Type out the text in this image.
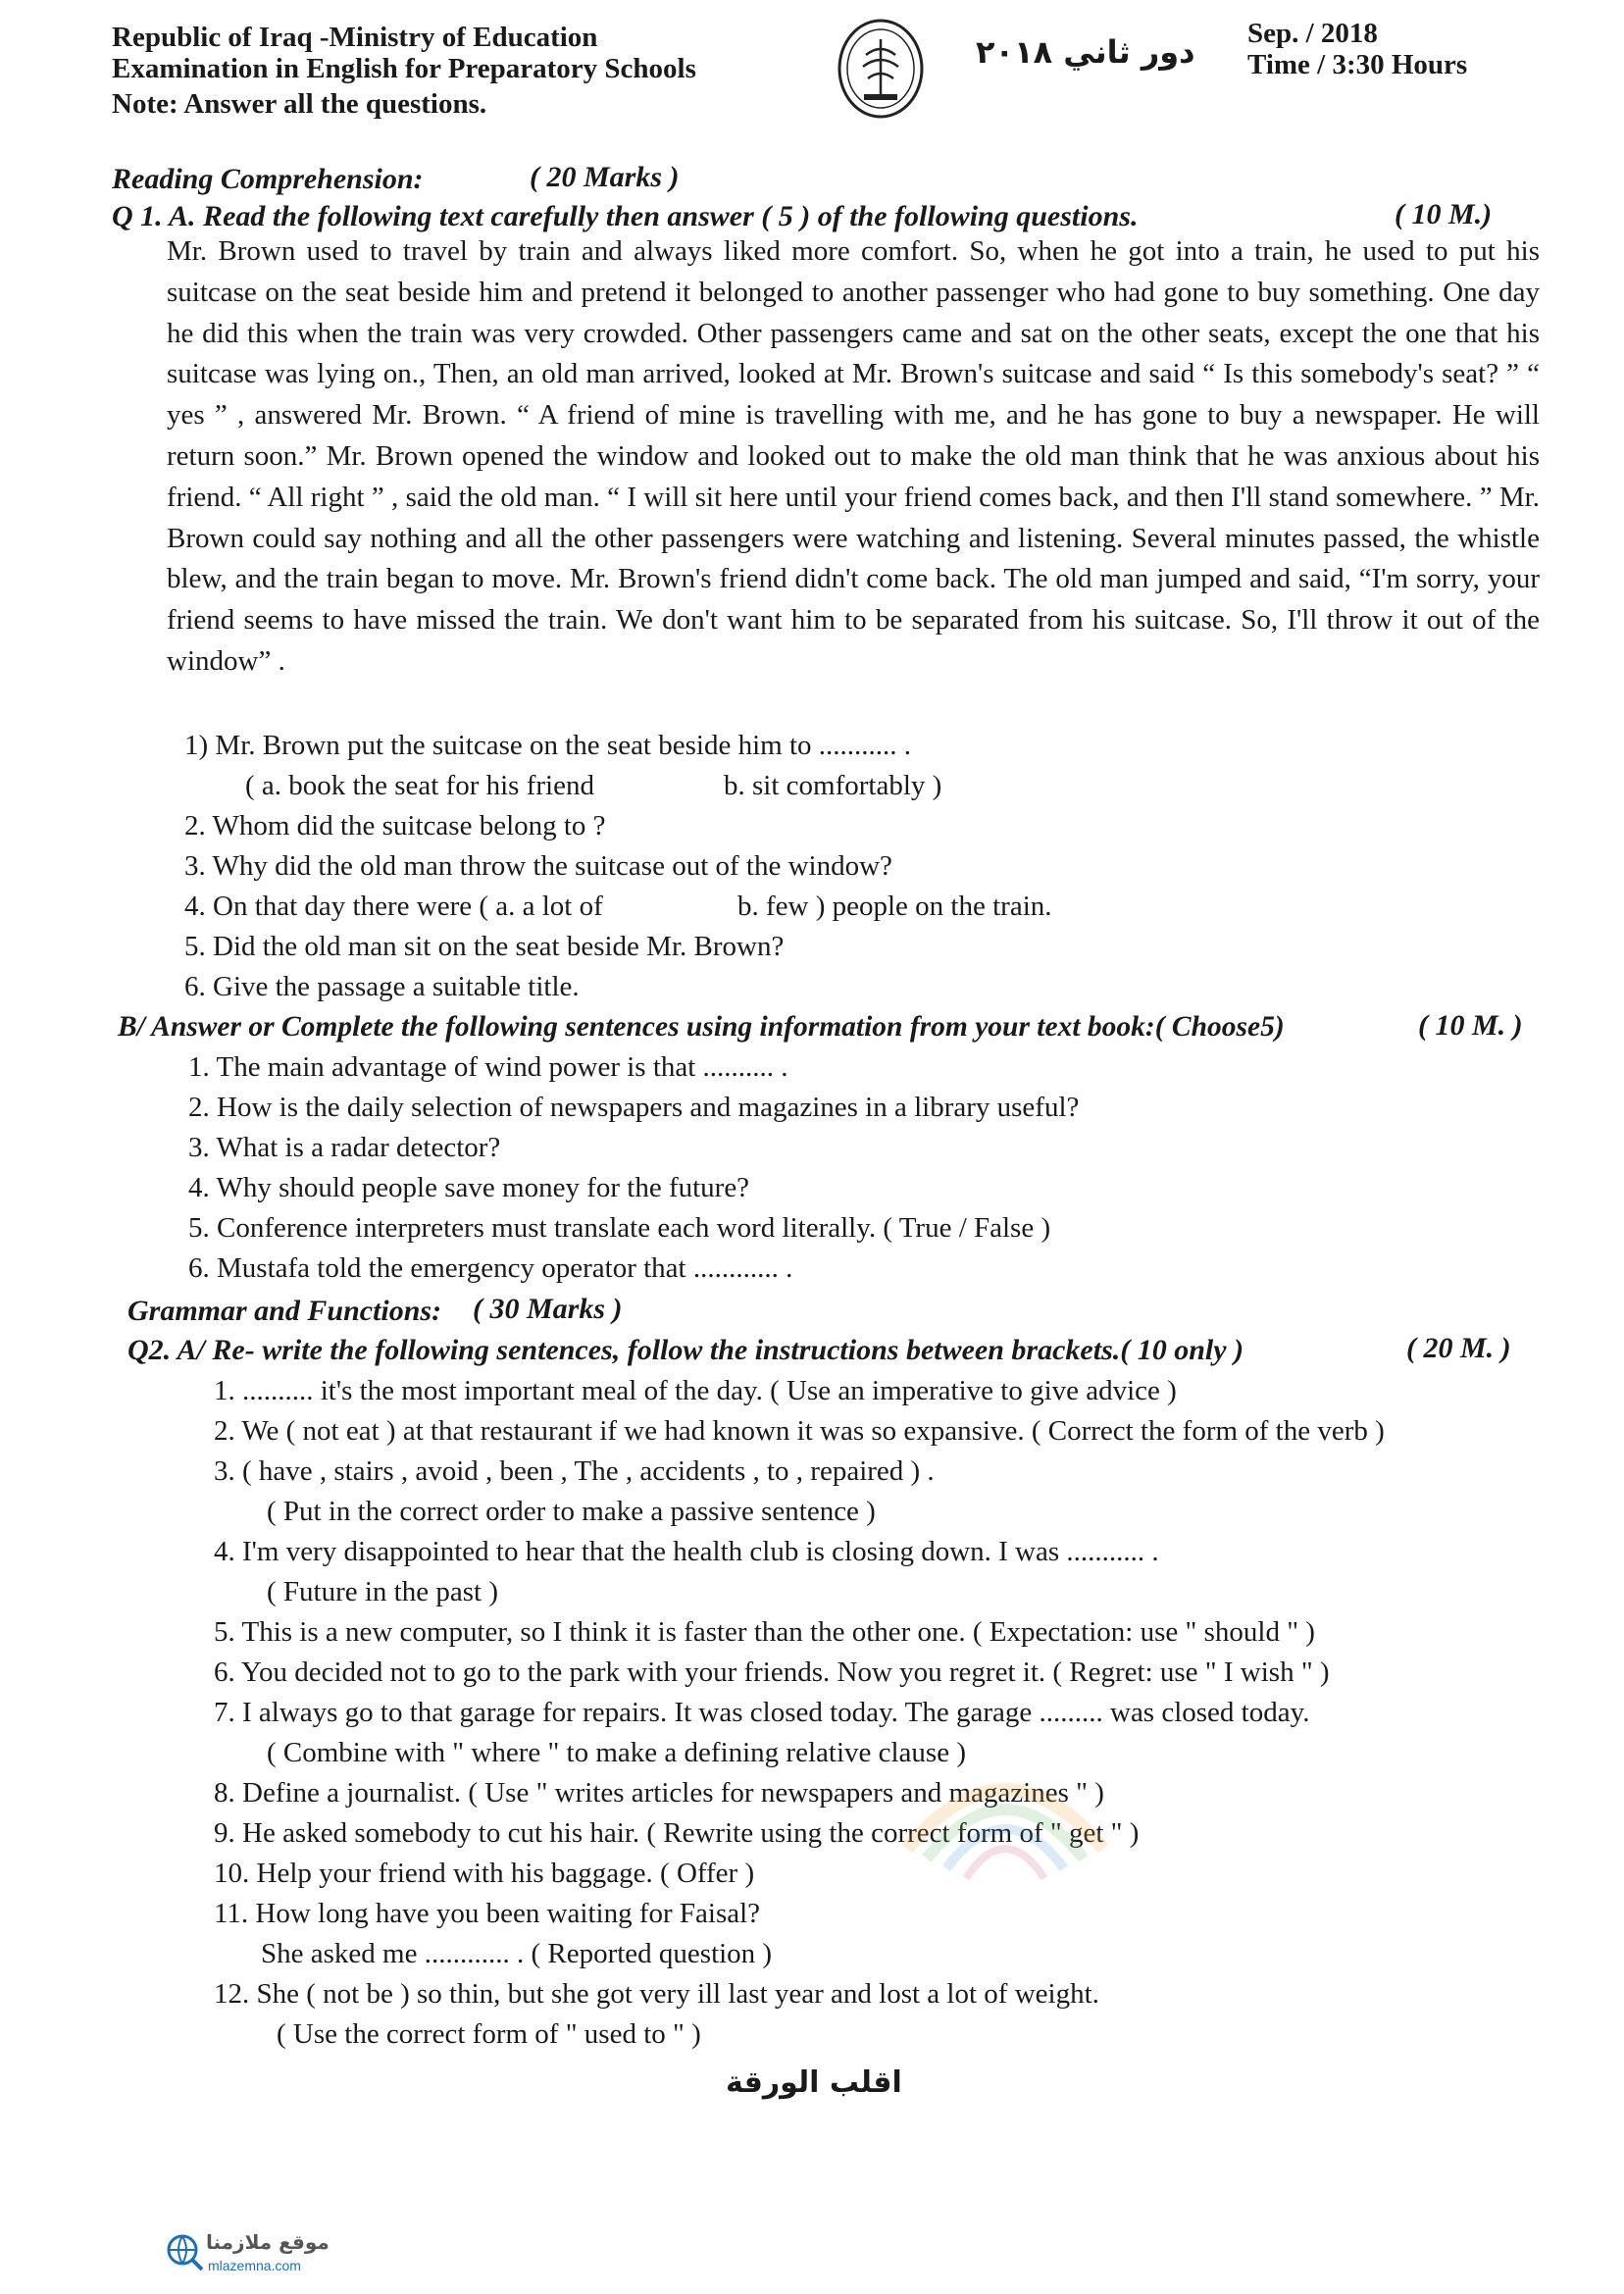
Republic of Iraq -Ministry of Education
Examination in English for Preparatory Schools
Note: Answer all the questions.
دور ثاني ٢٠١٨ Sep. / 2018
Time / 3:30 Hours
Reading Comprehension:	( 20 Marks )
Q 1. A. Read the following text carefully then answer ( 5 ) of the following questions.	( 10 M.)
Mr. Brown used to travel by train and always liked more comfort. So, when he got into a train, he used to put his suitcase on the seat beside him and pretend it belonged to another passenger who had gone to buy something. One day he did this when the train was very crowded. Other passengers came and sat on the other seats, except the one that his suitcase was lying on., Then, an old man arrived, looked at Mr. Brown's suitcase and said “ Is this somebody's seat? ” “ yes ” , answered Mr. Brown. “ A friend of mine is travelling with me, and he has gone to buy a newspaper. He will return soon.” Mr. Brown opened the window and looked out to make the old man think that he was anxious about his friend. “ All right ” , said the old man. “ I will sit here until your friend comes back, and then I'll stand somewhere. ” Mr. Brown could say nothing and all the other passengers were watching and listening. Several minutes passed, the whistle blew, and the train began to move. Mr. Brown's friend didn't come back. The old man jumped and said, “I'm sorry, your friend seems to have missed the train. We don't want him to be separated from his suitcase. So, I'll throw it out of the window” .
1) Mr. Brown put the suitcase on the seat beside him to ........... .
( a. book the seat for his friend	b. sit comfortably )
2. Whom did the suitcase belong to ?
3. Why did the old man throw the suitcase out of the window?
4. On that day there were ( a. a lot of	b. few ) people on the train.
5. Did the old man sit on the seat beside Mr. Brown?
6. Give the passage a suitable title.
B/ Answer or Complete the following sentences using information from your text book:( Choose5)	( 10 M. )
1. The main advantage of wind power is that .......... .
2. How is the daily selection of newspapers and magazines in a library useful?
3. What is a radar detector?
4. Why should people save money for the future?
5. Conference interpreters must translate each word literally. ( True / False )
6. Mustafa told the emergency operator that ............ .
Grammar and Functions: ( 30 Marks )
Q2. A/ Re- write the following sentences, follow the instructions between brackets.( 10 only )	( 20 M. )
1. .......... it's the most important meal of the day. ( Use an imperative to give advice )
2. We ( not eat ) at that restaurant if we had known it was so expansive. ( Correct the form of the verb )
3. ( have , stairs , avoid , been , The , accidents , to , repaired ) .
( Put in the correct order to make a passive sentence )
4. I'm very disappointed to hear that the health club is closing down. I was ........... .
( Future in the past )
5. This is a new computer, so I think it is faster than the other one. ( Expectation: use " should " )
6. You decided not to go to the park with your friends. Now you regret it. ( Regret: use " I wish " )
7. I always go to that garage for repairs. It was closed today. The garage ......... was closed today.
( Combine with " where " to make a defining relative clause )
8. Define a journalist. ( Use " writes articles for newspapers and magazines " )
9. He asked somebody to cut his hair. ( Rewrite using the correct form of " get " )
10. Help your friend with his baggage. ( Offer )
11. How long have you been waiting for Faisal?
She asked me ............ . ( Reported question )
12. She ( not be ) so thin, but she got very ill last year and lost a lot of weight.
( Use the correct form of " used to " )
اقلب الورقة
موقع ملازمنا
mlazemna.com
